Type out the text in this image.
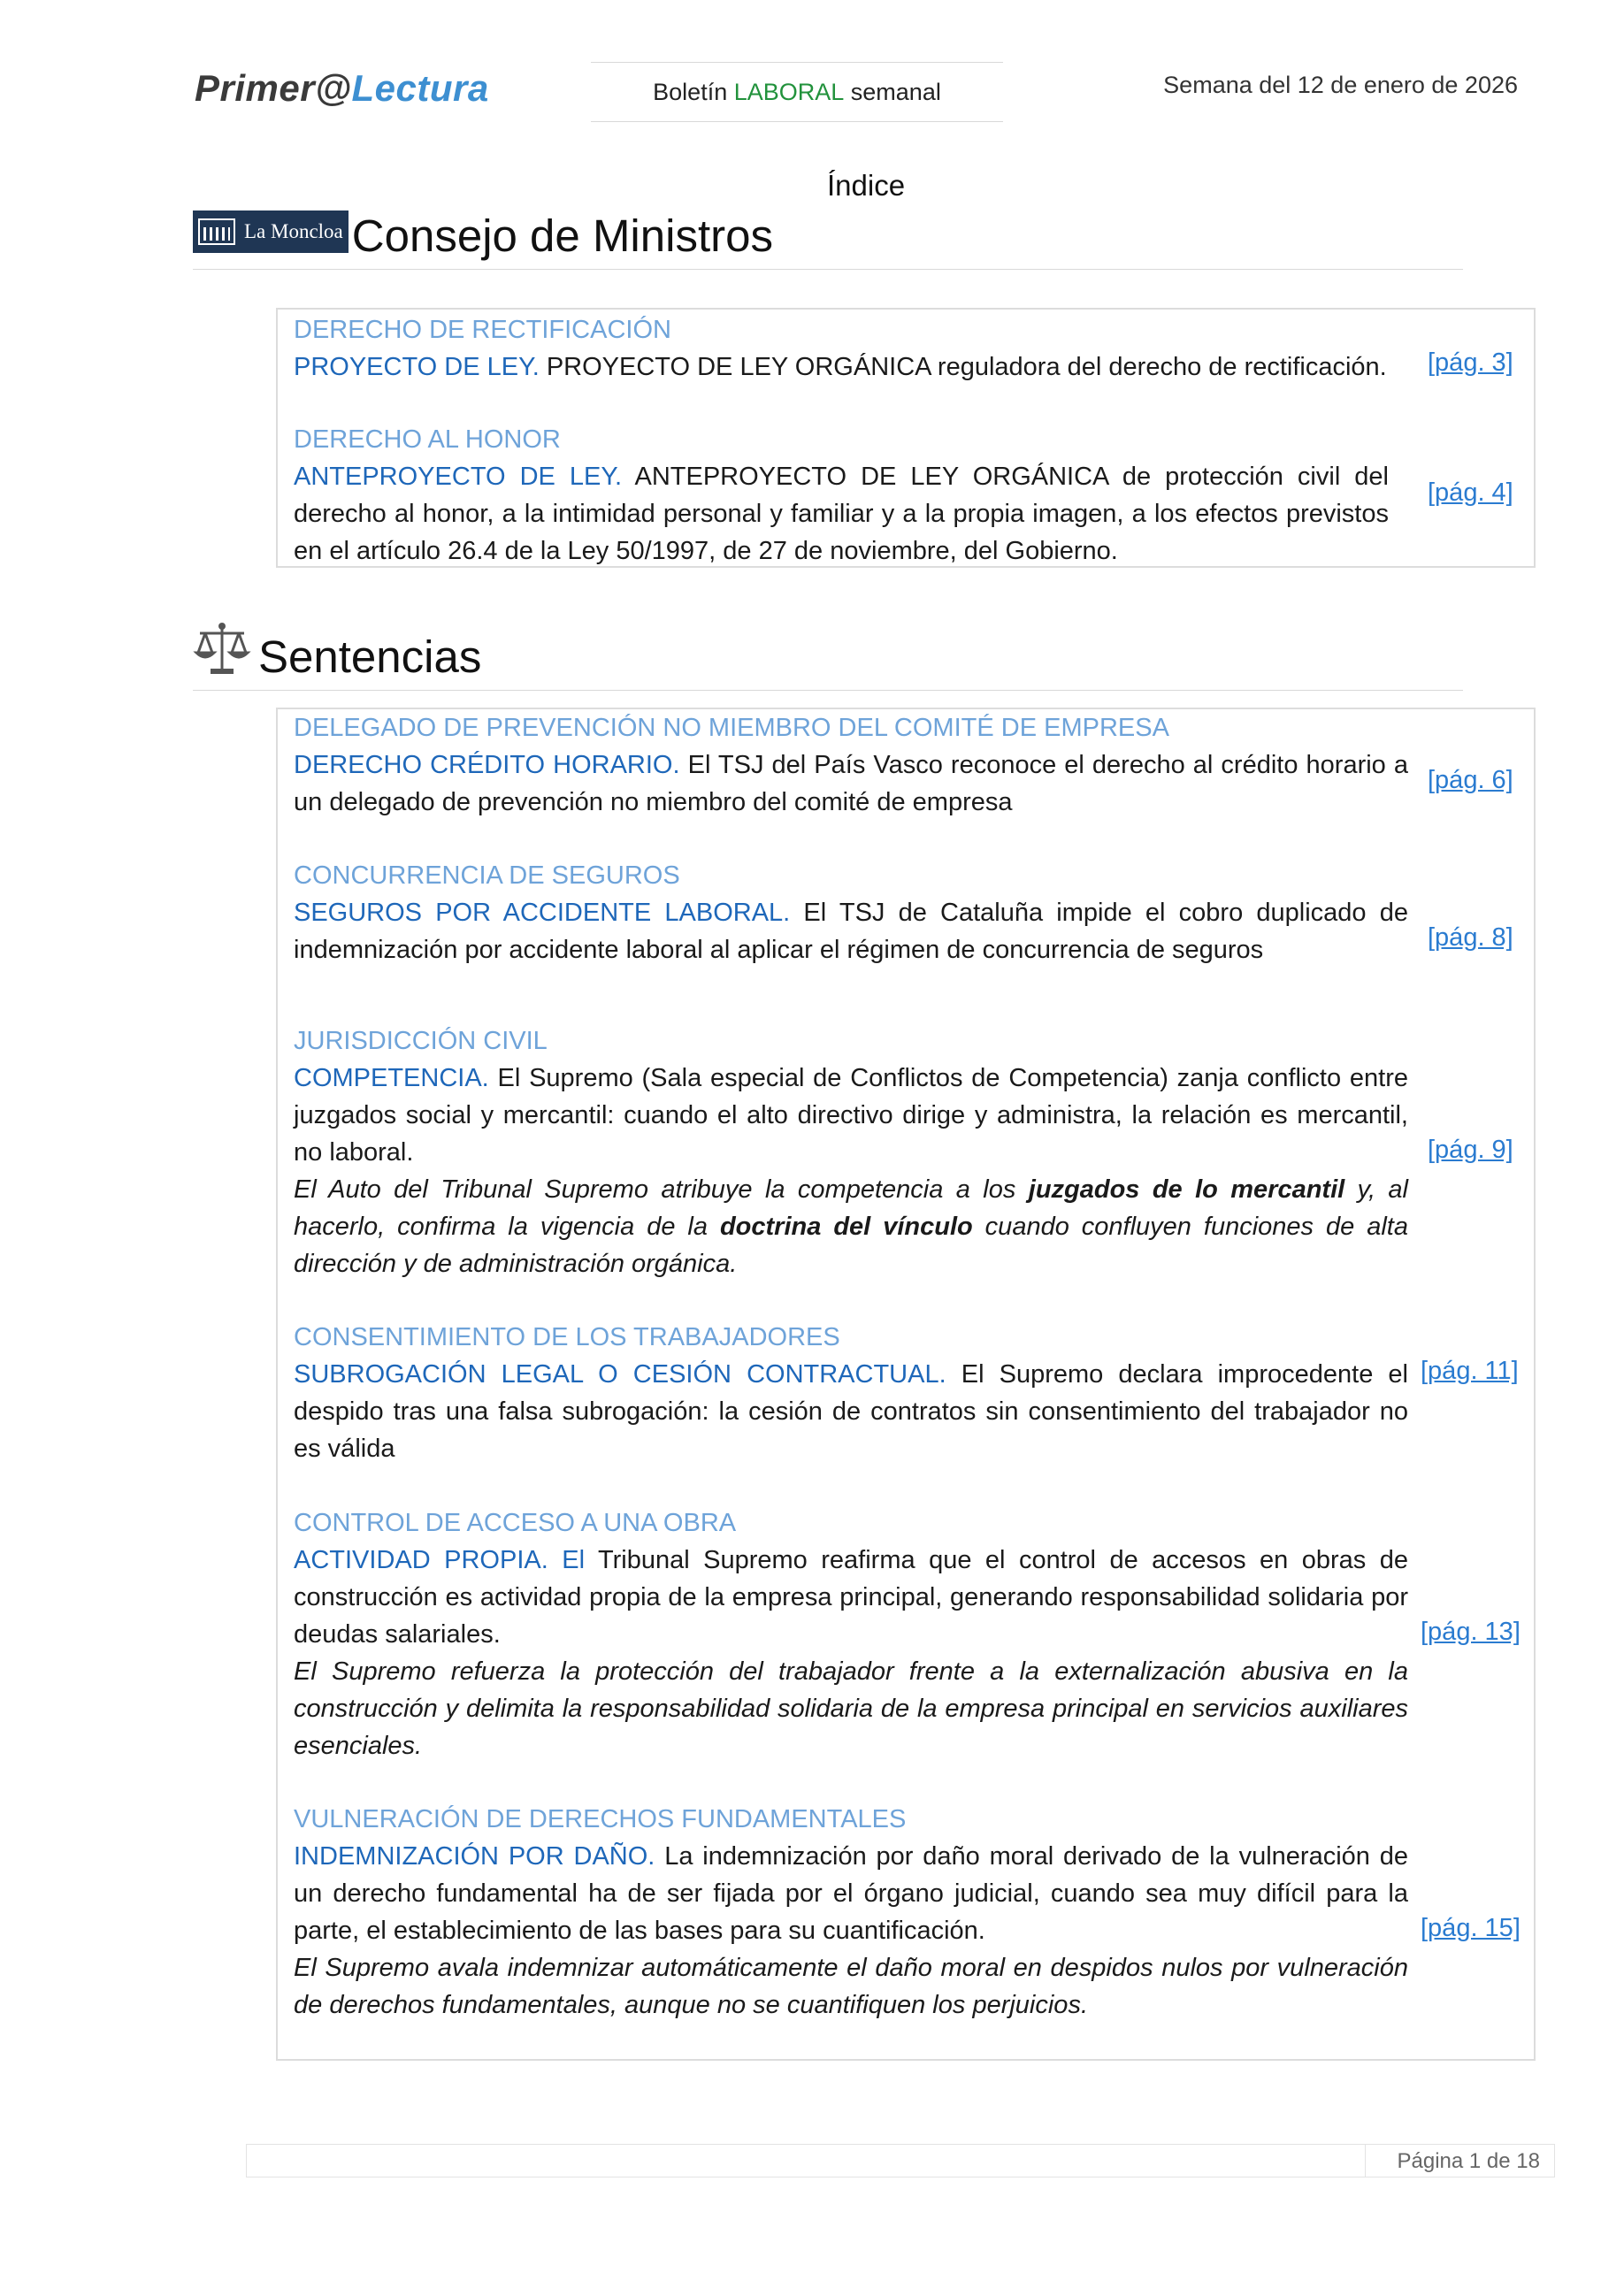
Primer@Lectura	Boletín LABORAL semanal	Semana del 12 de enero de 2026
Índice
La Moncloa Consejo de Ministros
DERECHO DE RECTIFICACIÓN
PROYECTO DE LEY. PROYECTO DE LEY ORGÁNICA reguladora del derecho de rectificación. [pág. 3]
DERECHO AL HONOR
ANTEPROYECTO DE LEY. ANTEPROYECTO DE LEY ORGÁNICA de protección civil del derecho al honor, a la intimidad personal y familiar y a la propia imagen, a los efectos previstos en el artículo 26.4 de la Ley 50/1997, de 27 de noviembre, del Gobierno.
[pág. 4]
Sentencias
DELEGADO DE PREVENCIÓN NO MIEMBRO DEL COMITÉ DE EMPRESA
DERECHO CRÉDITO HORARIO. El TSJ del País Vasco reconoce el derecho al crédito horario a un delegado de prevención no miembro del comité de empresa
[pág. 6]
CONCURRENCIA DE SEGUROS
SEGUROS POR ACCIDENTE LABORAL. El TSJ de Cataluña impide el cobro duplicado de indemnización por accidente laboral al aplicar el régimen de concurrencia de seguros	[pág. 8]
JURISDICCIÓN CIVIL
COMPETENCIA. El Supremo (Sala especial de Conflictos de Competencia) zanja conflicto entre juzgados social y mercantil: cuando el alto directivo dirige y administra, la relación es mercantil, no laboral.
El Auto del Tribunal Supremo atribuye la competencia a los juzgados de lo mercantil y, al hacerlo, confirma la vigencia de la doctrina del vínculo cuando confluyen funciones de alta dirección y de administración orgánica.
[pág. 9]
CONSENTIMIENTO DE LOS TRABAJADORES
SUBROGACIÓN LEGAL O CESIÓN CONTRACTUAL. El Supremo declara improcedente el despido tras una falsa subrogación: la cesión de contratos sin consentimiento del trabajador no es válida
[pág. 11]
CONTROL DE ACCESO A UNA OBRA
ACTIVIDAD PROPIA. El Tribunal Supremo reafirma que el control de accesos en obras de construcción es actividad propia de la empresa principal, generando responsabilidad solidaria por deudas salariales.
El Supremo refuerza la protección del trabajador frente a la externalización abusiva en la construcción y delimita la responsabilidad solidaria de la empresa principal en servicios auxiliares esenciales.
[pág. 13]
VULNERACIÓN DE DERECHOS FUNDAMENTALES
INDEMNIZACIÓN POR DAÑO. La indemnización por daño moral derivado de la vulneración de un derecho fundamental ha de ser fijada por el órgano judicial, cuando sea muy difícil para la parte, el establecimiento de las bases para su cuantificación.
El Supremo avala indemnizar automáticamente el daño moral en despidos nulos por vulneración de derechos fundamentales, aunque no se cuantifiquen los perjuicios.
[pág. 15]
Página 1 de 18
